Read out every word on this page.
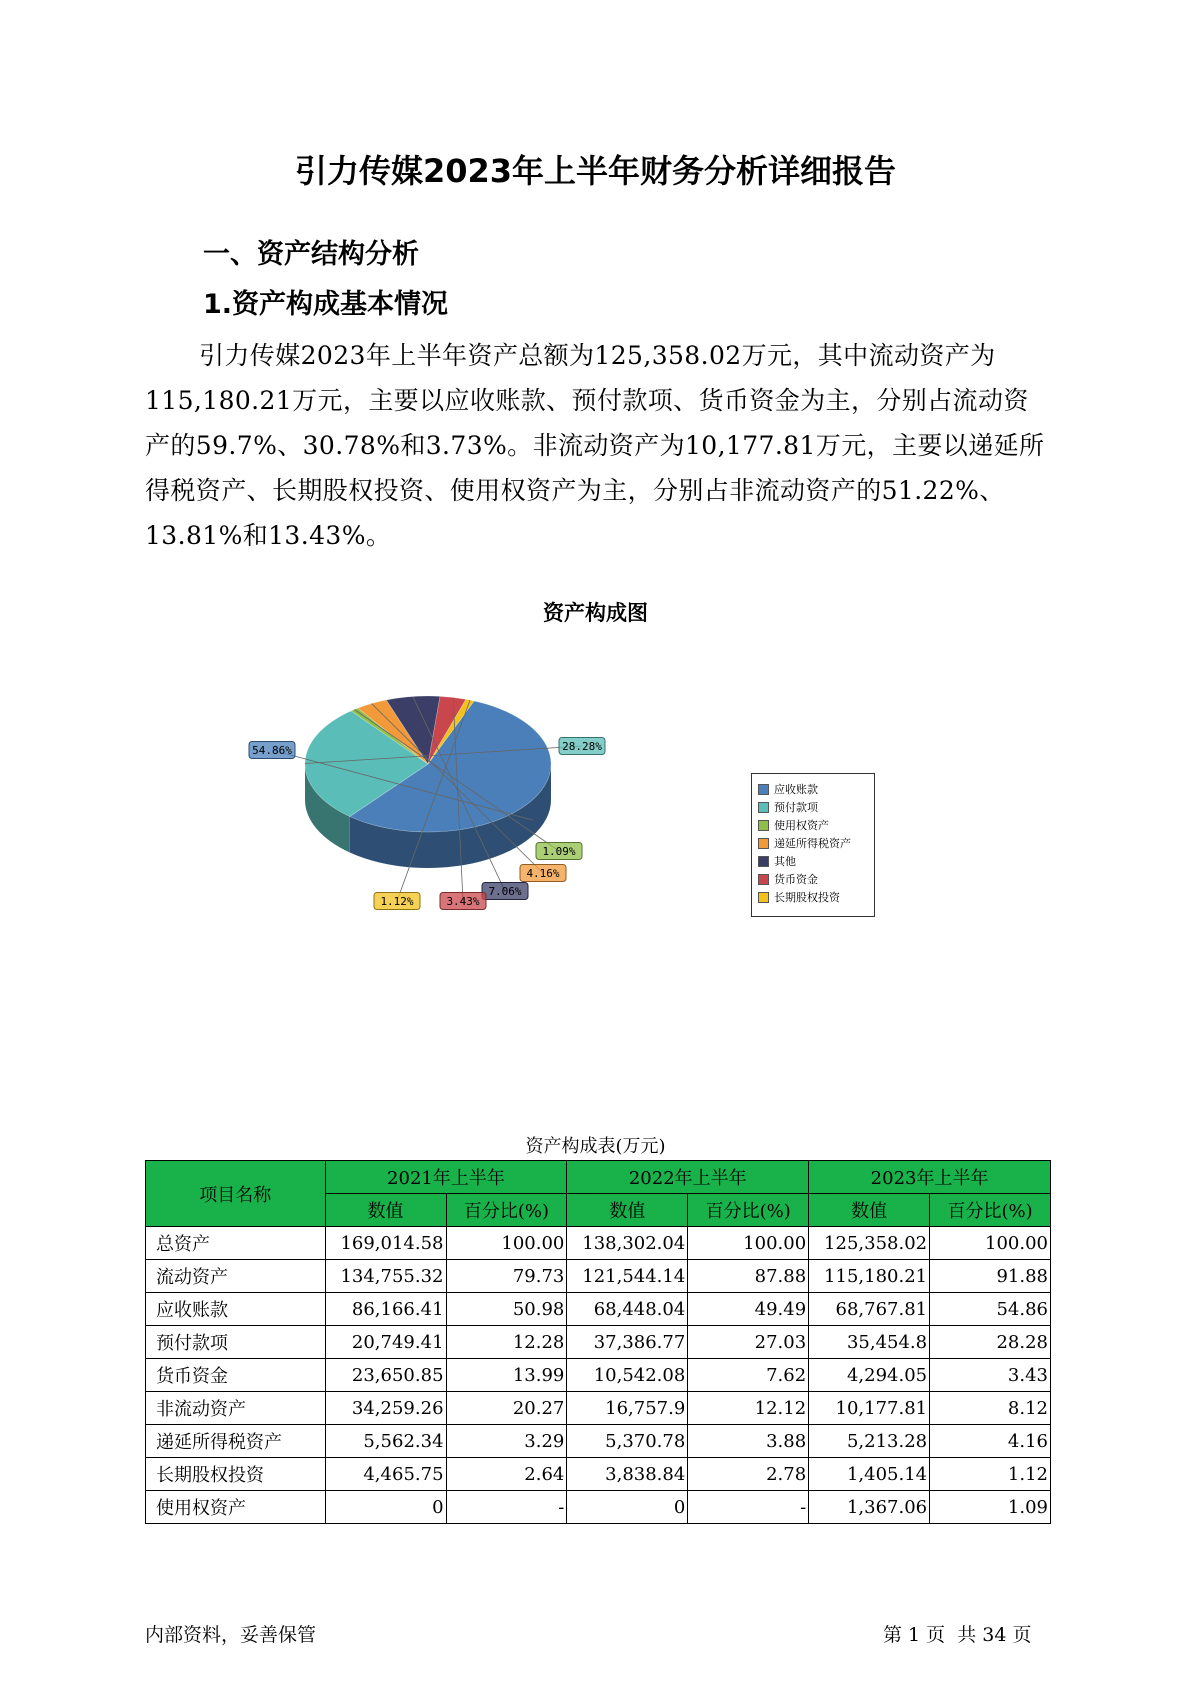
引力传媒2023年上半年财务分析详细报告
一、资产结构分析
1.资产构成基本情况
引力传媒2023年上半年资产总额为125,358.02万元，其中流动资产为115,180.21万元，主要以应收账款、预付款项、货币资金为主，分别占流动资产的59.7%、30.78%和3.73%。非流动资产为10,177.81万元，主要以递延所得税资产、长期股权投资、使用权资产为主，分别占非流动资产的51.22%、13.81%和13.43%。
资产构成图
54.86%	28.28%
1.09%
4.16%
7.06%
3.43%
1.12%
应收账款
预付款项
使用权资产
递延所得税资产
其他
货币资金
长期股权投资
资产构成表(万元)
项目名称	2021年上半年		2022年上半年		2023年上半年	
	数值	百分比(%)	数值	百分比(%)	数值	百分比(%)
总资产	169,014.58	100.00	138,302.04	100.00	125,358.02	100.00
流动资产	134,755.32	79.73	121,544.14	87.88	115,180.21	91.88
应收账款	86,166.41	50.98	68,448.04	49.49	68,767.81	54.86
预付款项	20,749.41	12.28	37,386.77	27.03	35,454.8	28.28
货币资金	23,650.85	13.99	10,542.08	7.62	4,294.05	3.43
非流动资产	34,259.26	20.27	16,757.9	12.12	10,177.81	8.12
递延所得税资产	5,562.34	3.29	5,370.78	3.88	5,213.28	4.16
长期股权投资	4,465.75	2.64	3,838.84	2.78	1,405.14	1.12
使用权资产	0	-	0	-	1,367.06	1.09
内部资料，妥善保管	第 1 页  共 34 页
